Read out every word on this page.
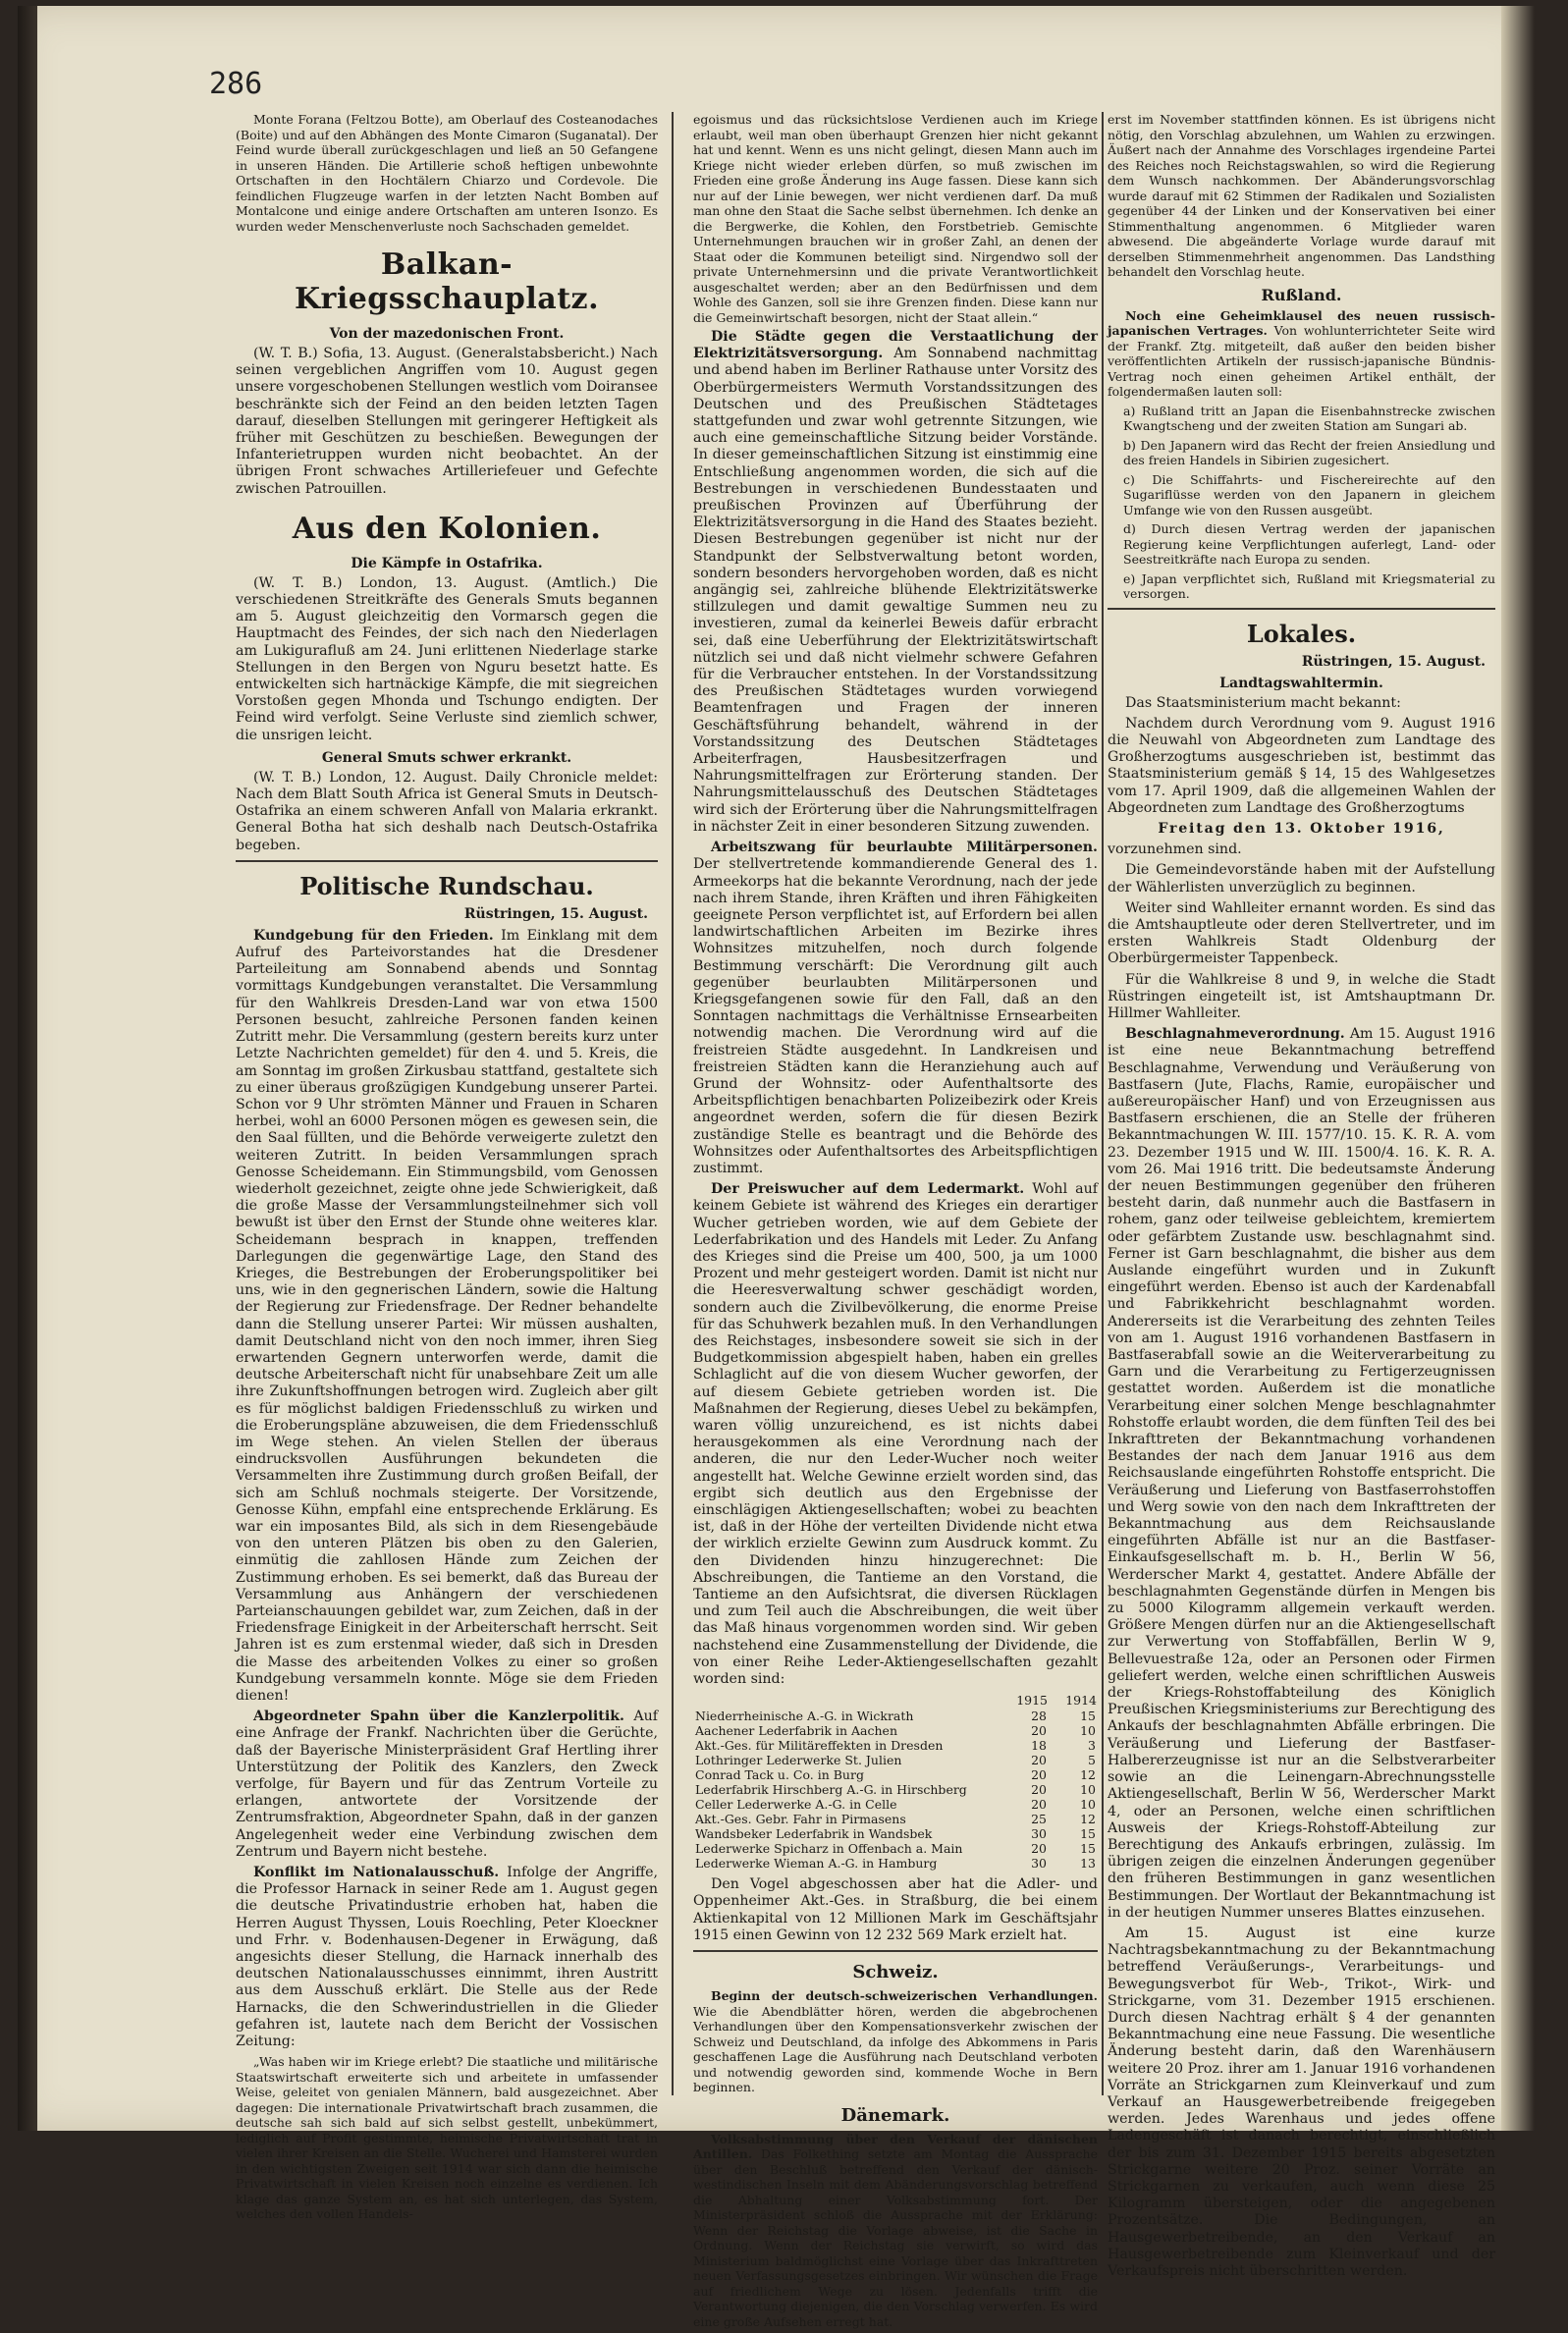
286

Monte Forana (Feltzou Botte), am Oberlauf des Costeanodaches (Boite) und auf den Abhängen des Monte Cimaron (Suganatal). Der Feind wurde überall zurückgeschlagen und ließ an 50 Gefangene in unseren Händen. Die Artillerie schoß heftigen unbewohnte Ortschaften in den Hochtälern Chiarzo und Cordevole. Die feindlichen Flugzeuge warfen in der letzten Nacht Bomben auf Montalcone und einige andere Ortschaften am unteren Isonzo. Es wurden weder Menschenverluste noch Sachschaden gemeldet.

Balkan-Kriegsschauplatz.
Von der mazedonischen Front.

(W. T. B.) Sofia, 13. August. (Generalstabsbericht.) Nach seinen vergeblichen Angriffen vom 10. August gegen unsere vorgeschobenen Stellungen westlich vom Doiransee beschränkte sich der Feind an den beiden letzten Tagen darauf, dieselben Stellungen mit geringerer Heftigkeit als früher mit Geschützen zu beschießen. Bewegungen der Infanterietruppen wurden nicht beobachtet. An der übrigen Front schwaches Artilleriefeuer und Gefechte zwischen Patrouillen.

Aus den Kolonien.
Die Kämpfe in Ostafrika.

(W. T. B.) London, 13. August. (Amtlich.) Die verschiedenen Streitkräfte des Generals Smuts begannen am 5. August gleichzeitig den Vormarsch gegen die Hauptmacht des Feindes, der sich nach den Niederlagen am Lukigurafluß am 24. Juni erlittenen Niederlage starke Stellungen in den Bergen von Nguru besetzt hatte. Es entwickelten sich hartnäckige Kämpfe, die mit siegreichen Vorstoßen gegen Mhonda und Tschungo endigten. Der Feind wird verfolgt. Seine Verluste sind ziemlich schwer, die unsrigen leicht.

General Smuts schwer erkrankt.

(W. T. B.) London, 12. August. Daily Chronicle meldet: Nach dem Blatt South Africa ist General Smuts in Deutsch-Ostafrika an einem schweren Anfall von Malaria erkrankt. General Botha hat sich deshalb nach Deutsch-Ostafrika begeben.

Politische Rundschau.
Rüstringen, 15. August.

Kundgebung für den Frieden. Im Einklang mit dem Aufruf des Parteivorstandes hat die Dresdener Parteileitung am Sonnabend abends und Sonntag vormittags Kundgebungen veranstaltet. Die Versammlung für den Wahlkreis Dresden-Land war von etwa 1500 Personen besucht, zahlreiche Personen fanden keinen Zutritt mehr. Die Versammlung (gestern bereits kurz unter Letzte Nachrichten gemeldet) für den 4. und 5. Kreis, die am Sonntag im großen Zirkusbau stattfand, gestaltete sich zu einer überaus großzügigen Kundgebung unserer Partei. Schon vor 9 Uhr strömten Männer und Frauen in Scharen herbei, wohl an 6000 Personen mögen es gewesen sein, die den Saal füllten, und die Behörde verweigerte zuletzt den weiteren Zutritt. In beiden Versammlungen sprach Genosse Scheidemann. Ein Stimmungsbild, vom Genossen wiederholt gezeichnet, zeigte ohne jede Schwierigkeit, daß die große Masse der Versammlungsteilnehmer sich voll bewußt ist über den Ernst der Stunde ohne weiteres klar. Scheidemann besprach in knappen, treffenden Darlegungen die gegenwärtige Lage, den Stand des Krieges, die Bestrebungen der Eroberungspolitiker bei uns, wie in den gegnerischen Ländern, sowie die Haltung der Regierung zur Friedensfrage. Der Redner behandelte dann die Stellung unserer Partei: Wir müssen aushalten, damit Deutschland nicht von den noch immer, ihren Sieg erwartenden Gegnern unterworfen werde, damit die deutsche Arbeiterschaft nicht für unabsehbare Zeit um alle ihre Zukunftshoffnungen betrogen wird. Zugleich aber gilt es für möglichst baldigen Friedensschluß zu wirken und die Eroberungspläne abzuweisen, die dem Friedensschluß im Wege stehen. An vielen Stellen der überaus eindrucksvollen Ausführungen bekundeten die Versammelten ihre Zustimmung durch großen Beifall, der sich am Schluß nochmals steigerte. Der Vorsitzende, Genosse Kühn, empfahl eine entsprechende Erklärung. Es war ein imposantes Bild, als sich in dem Riesengebäude von den unteren Plätzen bis oben zu den Galerien, einmütig die zahllosen Hände zum Zeichen der Zustimmung erhoben. Es sei bemerkt, daß das Bureau der Versammlung aus Anhängern der verschiedenen Parteianschauungen gebildet war, zum Zeichen, daß in der Friedensfrage Einigkeit in der Arbeiterschaft herrscht. Seit Jahren ist es zum erstenmal wieder, daß sich in Dresden die Masse des arbeitenden Volkes zu einer so großen Kundgebung versammeln konnte. Möge sie dem Frieden dienen!

Abgeordneter Spahn über die Kanzlerpolitik. Auf eine Anfrage der Frankf. Nachrichten über die Gerüchte, daß der Bayerische Ministerpräsident Graf Hertling ihrer Unterstützung der Politik des Kanzlers, den Zweck verfolge, für Bayern und für das Zentrum Vorteile zu erlangen, antwortete der Vorsitzende der Zentrumsfraktion, Abgeordneter Spahn, daß in der ganzen Angelegenheit weder eine Verbindung zwischen dem Zentrum und Bayern nicht bestehe.

Konflikt im Nationalausschuß. Infolge der Angriffe, die Professor Harnack in seiner Rede am 1. August gegen die deutsche Privatindustrie erhoben hat, haben die Herren August Thyssen, Louis Roechling, Peter Kloeckner und Frhr. v. Bodenhausen-Degener in Erwägung, daß angesichts dieser Stellung, die Harnack innerhalb des deutschen Nationalausschusses einnimmt, ihren Austritt aus dem Ausschuß erklärt. Die Stelle aus der Rede Harnacks, die den Schwerindustriellen in die Glieder gefahren ist, lautete nach dem Bericht der Vossischen Zeitung:

„Was haben wir im Kriege erlebt? Die staatliche und militärische Staatswirtschaft erweiterte sich und arbeitete in umfassender Weise, geleitet von genialen Männern, bald ausgezeichnet. Aber dagegen: Die internationale Privatwirtschaft brach zusammen, die deutsche sah sich bald auf sich selbst gestellt, unbekümmert, lediglich auf Profit gestimmte, heimische Privatwirtschaft trat in vielen ihrer Kreisen an die Stelle. Wucherei und Hamsterei wurden in den wichtigsten Zweigen seit 1914 war sich dann die heimische Privatwirtschaft in vielen Kreisen noch einzelne es verdienen. Ich klage das ganze System an, es hat sich unterlegen, das System, welches den vollen Handels-

egoismus und das rücksichtslose Verdienen auch im Kriege erlaubt, weil man oben überhaupt Grenzen hier nicht gekannt hat und kennt. Wenn es uns nicht gelingt, diesen Mann auch im Kriege nicht wieder erleben dürfen, so muß zwischen im Frieden eine große Änderung ins Auge fassen. Diese kann sich nur auf der Linie bewegen, wer nicht verdienen darf. Da muß man ohne den Staat die Sache selbst übernehmen. Ich denke an die Bergwerke, die Kohlen, den Forstbetrieb. Gemischte Unternehmungen brauchen wir in großer Zahl, an denen der Staat oder die Kommunen beteiligt sind. Nirgendwo soll der private Unternehmersinn und die private Verantwortlichkeit ausgeschaltet werden; aber an den Bedürfnissen und dem Wohle des Ganzen, soll sie ihre Grenzen finden. Diese kann nur die Gemeinwirtschaft besorgen, nicht der Staat allein.“

Die Städte gegen die Verstaatlichung der Elektrizitätsversorgung. Am Sonnabend nachmittag und abend haben im Berliner Rathause unter Vorsitz des Oberbürgermeisters Wermuth Vorstandssitzungen des Deutschen und des Preußischen Städtetages stattgefunden und zwar wohl getrennte Sitzungen, wie auch eine gemeinschaftliche Sitzung beider Vorstände. In dieser gemeinschaftlichen Sitzung ist einstimmig eine Entschließung angenommen worden, die sich auf die Bestrebungen in verschiedenen Bundesstaaten und preußischen Provinzen auf Überführung der Elektrizitätsversorgung in die Hand des Staates bezieht. Diesen Bestrebungen gegenüber ist nicht nur der Standpunkt der Selbstverwaltung betont worden, sondern besonders hervorgehoben worden, daß es nicht angängig sei, zahlreiche blühende Elektrizitätswerke stillzulegen und damit gewaltige Summen neu zu investieren, zumal da keinerlei Beweis dafür erbracht sei, daß eine Ueberführung der Elektrizitätswirtschaft nützlich sei und daß nicht vielmehr schwere Gefahren für die Verbraucher entstehen. In der Vorstandssitzung des Preußischen Städtetages wurden vorwiegend Beamtenfragen und Fragen der inneren Geschäftsführung behandelt, während in der Vorstandssitzung des Deutschen Städtetages Arbeiterfragen, Hausbesitzerfragen und Nahrungsmittelfragen zur Erörterung standen. Der Nahrungsmittelausschuß des Deutschen Städtetages wird sich der Erörterung über die Nahrungsmittelfragen in nächster Zeit in einer besonderen Sitzung zuwenden.

Arbeitszwang für beurlaubte Militärpersonen. Der stellvertretende kommandierende General des 1. Armeekorps hat die bekannte Verordnung, nach der jede nach ihrem Stande, ihren Kräften und ihren Fähigkeiten geeignete Person verpflichtet ist, auf Erfordern bei allen landwirtschaftlichen Arbeiten im Bezirke ihres Wohnsitzes mitzuhelfen, noch durch folgende Bestimmung verschärft: Die Verordnung gilt auch gegenüber beurlaubten Militärpersonen und Kriegsgefangenen sowie für den Fall, daß an den Sonntagen nachmittags die Verhältnisse Ernsearbeiten notwendig machen. Die Verordnung wird auf die freistreien Städte ausgedehnt. In Landkreisen und freistreien Städten kann die Heranziehung auch auf Grund der Wohnsitz- oder Aufenthaltsorte des Arbeitspflichtigen benachbarten Polizeibezirk oder Kreis angeordnet werden, sofern die für diesen Bezirk zuständige Stelle es beantragt und die Behörde des Wohnsitzes oder Aufenthaltsortes des Arbeitspflichtigen zustimmt.

Der Preiswucher auf dem Ledermarkt. Wohl auf keinem Gebiete ist während des Krieges ein derartiger Wucher getrieben worden, wie auf dem Gebiete der Lederfabrikation und des Handels mit Leder. Zu Anfang des Krieges sind die Preise um 400, 500, ja um 1000 Prozent und mehr gesteigert worden. Damit ist nicht nur die Heeresverwaltung schwer geschädigt worden, sondern auch die Zivilbevölkerung, die enorme Preise für das Schuhwerk bezahlen muß. In den Verhandlungen des Reichstages, insbesondere soweit sie sich in der Budgetkommission abgespielt haben, haben ein grelles Schlaglicht auf die von diesem Wucher geworfen, der auf diesem Gebiete getrieben worden ist. Die Maßnahmen der Regierung, dieses Uebel zu bekämpfen, waren völlig unzureichend, es ist nichts dabei herausgekommen als eine Verordnung nach der anderen, die nur den Leder-Wucher noch weiter angestellt hat. Welche Gewinne erzielt worden sind, das ergibt sich deutlich aus den Ergebnisse der einschlägigen Aktiengesellschaften; wobei zu beachten ist, daß in der Höhe der verteilten Dividende nicht etwa der wirklich erzielte Gewinn zum Ausdruck kommt. Zu den Dividenden hinzu hinzugerechnet: Die Abschreibungen, die Tantieme an den Vorstand, die Tantieme an den Aufsichtsrat, die diversen Rücklagen und zum Teil auch die Abschreibungen, die weit über das Maß hinaus vorgenommen worden sind. Wir geben nachstehend eine Zusammenstellung der Dividende, die von einer Reihe Leder-Aktiengesellschaften gezahlt worden sind:

	1915	1914
Niederrheinische A.-G. in Wickrath	28	15
Aachener Lederfabrik in Aachen	20	10
Akt.-Ges. für Militäreffekten in Dresden	18	3
Lothringer Lederwerke St. Julien	20	5
Conrad Tack u. Co. in Burg	20	12
Lederfabrik Hirschberg A.-G. in Hirschberg	20	10
Celler Lederwerke A.-G. in Celle	20	10
Akt.-Ges. Gebr. Fahr in Pirmasens	25	12
Wandsbeker Lederfabrik in Wandsbek	30	15
Lederwerke Spicharz in Offenbach a. Main	20	15
Lederwerke Wieman A.-G. in Hamburg	30	13

Den Vogel abgeschossen aber hat die Adler- und Oppenheimer Akt.-Ges. in Straßburg, die bei einem Aktienkapital von 12 Millionen Mark im Geschäftsjahr 1915 einen Gewinn von 12 232 569 Mark erzielt hat.

Schweiz.

Beginn der deutsch-schweizerischen Verhandlungen. Wie die Abendblätter hören, werden die abgebrochenen Verhandlungen über den Kompensationsverkehr zwischen der Schweiz und Deutschland, da infolge des Abkommens in Paris geschaffenen Lage die Ausführung nach Deutschland verboten und notwendig geworden sind, kommende Woche in Bern beginnen.

Dänemark.

Volksabstimmung über den Verkauf der dänischen Antillen. Das Folkething setzte am Montag die Aussprache über den Beschluß betreffend den Verkauf der dänisch-westindischen Inseln mit dem Abänderungsvorschlag betreffend die Abhaltung einer Volksabstimmung fort. Der Ministerpräsident schloß die Aussprache mit der Erklärung: Wenn der Reichstag die Vorlage abweise, ist die Sache in Ordnung. Wenn der Reichstag sie verwirft, so wird das Ministerium baldmöglichst eine Vorlage über das Inkrafttreten neuen Verfassungsgesetzes einbringen. Wir wünschen die Frage auf friedlichem Wege zu lösen. Jedenfalls trifft die Verantwortung diejenigen, die den Vorschlag verwerfen. Es wird eine große Aufsehen erregt hat.

erst im November stattfinden können. Es ist übrigens nicht nötig, den Vorschlag abzulehnen, um Wahlen zu erzwingen. Äußert nach der Annahme des Vorschlages irgendeine Partei des Reiches noch Reichstagswahlen, so wird die Regierung dem Wunsch nachkommen. Der Abänderungsvorschlag wurde darauf mit 62 Stimmen der Radikalen und Sozialisten gegenüber 44 der Linken und der Konservativen bei einer Stimmenthaltung angenommen. 6 Mitglieder waren abwesend. Die abgeänderte Vorlage wurde darauf mit derselben Stimmenmehrheit angenommen. Das Landsthing behandelt den Vorschlag heute.

Rußland.

Noch eine Geheimklausel des neuen russisch-japanischen Vertrages. Von wohlunterrichteter Seite wird der Frankf. Ztg. mitgeteilt, daß außer den beiden bisher veröffentlichten Artikeln der russisch-japanische Bündnis-Vertrag noch einen geheimen Artikel enthält, der folgendermaßen lauten soll:

a) Rußland tritt an Japan die Eisenbahnstrecke zwischen Kwangtscheng und der zweiten Station am Sungari ab.

b) Den Japanern wird das Recht der freien Ansiedlung und des freien Handels in Sibirien zugesichert.

c) Die Schiffahrts- und Fischereirechte auf den Sugariflüsse werden von den Japanern in gleichem Umfange wie von den Russen ausgeübt.

d) Durch diesen Vertrag werden der japanischen Regierung keine Verpflichtungen auferlegt, Land- oder Seestreitkräfte nach Europa zu senden.

e) Japan verpflichtet sich, Rußland mit Kriegsmaterial zu versorgen.

Lokales.
Rüstringen, 15. August.
Landtagswahltermin.

Das Staatsministerium macht bekannt:

Nachdem durch Verordnung vom 9. August 1916 die Neuwahl von Abgeordneten zum Landtage des Großherzogtums ausgeschrieben ist, bestimmt das Staatsministerium gemäß § 14, 15 des Wahlgesetzes vom 17. April 1909, daß die allgemeinen Wahlen der Abgeordneten zum Landtage des Großherzogtums

Freitag den 13. Oktober 1916,

vorzunehmen sind.

Die Gemeindevorstände haben mit der Aufstellung der Wählerlisten unverzüglich zu beginnen.

Weiter sind Wahlleiter ernannt worden. Es sind das die Amtshauptleute oder deren Stellvertreter, und im ersten Wahlkreis Stadt Oldenburg der Oberbürgermeister Tappenbeck.

Für die Wahlkreise 8 und 9, in welche die Stadt Rüstringen eingeteilt ist, ist Amtshauptmann Dr. Hillmer Wahlleiter.

Beschlagnahmeverordnung. Am 15. August 1916 ist eine neue Bekanntmachung betreffend Beschlagnahme, Verwendung und Veräußerung von Bastfasern (Jute, Flachs, Ramie, europäischer und außereuropäischer Hanf) und von Erzeugnissen aus Bastfasern erschienen, die an Stelle der früheren Bekanntmachungen W. III. 1577/10. 15. K. R. A. vom 23. Dezember 1915 und W. III. 1500/4. 16. K. R. A. vom 26. Mai 1916 tritt. Die bedeutsamste Änderung der neuen Bestimmungen gegenüber den früheren besteht darin, daß nunmehr auch die Bastfasern in rohem, ganz oder teilweise gebleichtem, kremiertem oder gefärbtem Zustande usw. beschlagnahmt sind. Ferner ist Garn beschlagnahmt, die bisher aus dem Auslande eingeführt wurden und in Zukunft eingeführt werden. Ebenso ist auch der Kardenabfall und Fabrikkehricht beschlagnahmt worden. Andererseits ist die Verarbeitung des zehnten Teiles von am 1. August 1916 vorhandenen Bastfasern in Bastfaserabfall sowie an die Weiterverarbeitung zu Garn und die Verarbeitung zu Fertigerzeugnissen gestattet worden. Außerdem ist die monatliche Verarbeitung einer solchen Menge beschlagnahmter Rohstoffe erlaubt worden, die dem fünften Teil des bei Inkrafttreten der Bekanntmachung vorhandenen Bestandes der nach dem Januar 1916 aus dem Reichsauslande eingeführten Rohstoffe entspricht. Die Veräußerung und Lieferung von Bastfaserrohstoffen und Werg sowie von den nach dem Inkrafttreten der Bekanntmachung aus dem Reichsauslande eingeführten Abfälle ist nur an die Bastfaser-Einkaufsgesellschaft m. b. H., Berlin W 56, Werderscher Markt 4, gestattet. Andere Abfälle der beschlagnahmten Gegenstände dürfen in Mengen bis zu 5000 Kilogramm allgemein verkauft werden. Größere Mengen dürfen nur an die Aktiengesellschaft zur Verwertung von Stoffabfällen, Berlin W 9, Bellevuestraße 12a, oder an Personen oder Firmen geliefert werden, welche einen schriftlichen Ausweis der Kriegs-Rohstoffabteilung des Königlich Preußischen Kriegsministeriums zur Berechtigung des Ankaufs der beschlagnahmten Abfälle erbringen. Die Veräußerung und Lieferung der Bastfaser-Halbererzeugnisse ist nur an die Selbstverarbeiter sowie an die Leinengarn-Abrechnungsstelle Aktiengesellschaft, Berlin W 56, Werderscher Markt 4, oder an Personen, welche einen schriftlichen Ausweis der Kriegs-Rohstoff-Abteilung zur Berechtigung des Ankaufs erbringen, zulässig. Im übrigen zeigen die einzelnen Änderungen gegenüber den früheren Bestimmungen in ganz wesentlichen Bestimmungen. Der Wortlaut der Bekanntmachung ist in der heutigen Nummer unseres Blattes einzusehen.

Am 15. August ist eine kurze Nachtragsbekanntmachung zu der Bekanntmachung betreffend Veräußerungs-, Verarbeitungs- und Bewegungsverbot für Web-, Trikot-, Wirk- und Strickgarne, vom 31. Dezember 1915 erschienen. Durch diesen Nachtrag erhält § 4 der genannten Bekanntmachung eine neue Fassung. Die wesentliche Änderung besteht darin, daß den Warenhäusern weitere 20 Proz. ihrer am 1. Januar 1916 vorhandenen Vorräte an Strickgarnen zum Kleinverkauf und zum Verkauf an Hausgewerbetreibende freigegeben werden. Jedes Warenhaus und jedes offene Ladengeschäft ist danach berechtigt, einschließlich der bis zum 31. Dezember 1915 bereits abgesetzten Strickgarne weitere 20 Proz. seiner Vorräte an Strickgarnen zu verkaufen, auch wenn diese 25 Kilogramm übersteigen, oder die angegebenen Prozentsätze. Die Bedingungen, an Hausgewerbetreibende, an den Verkauf an Hausgewerbetreibende zum Kleinverkauf und der Verkaufspreis nicht überschritten werden.
